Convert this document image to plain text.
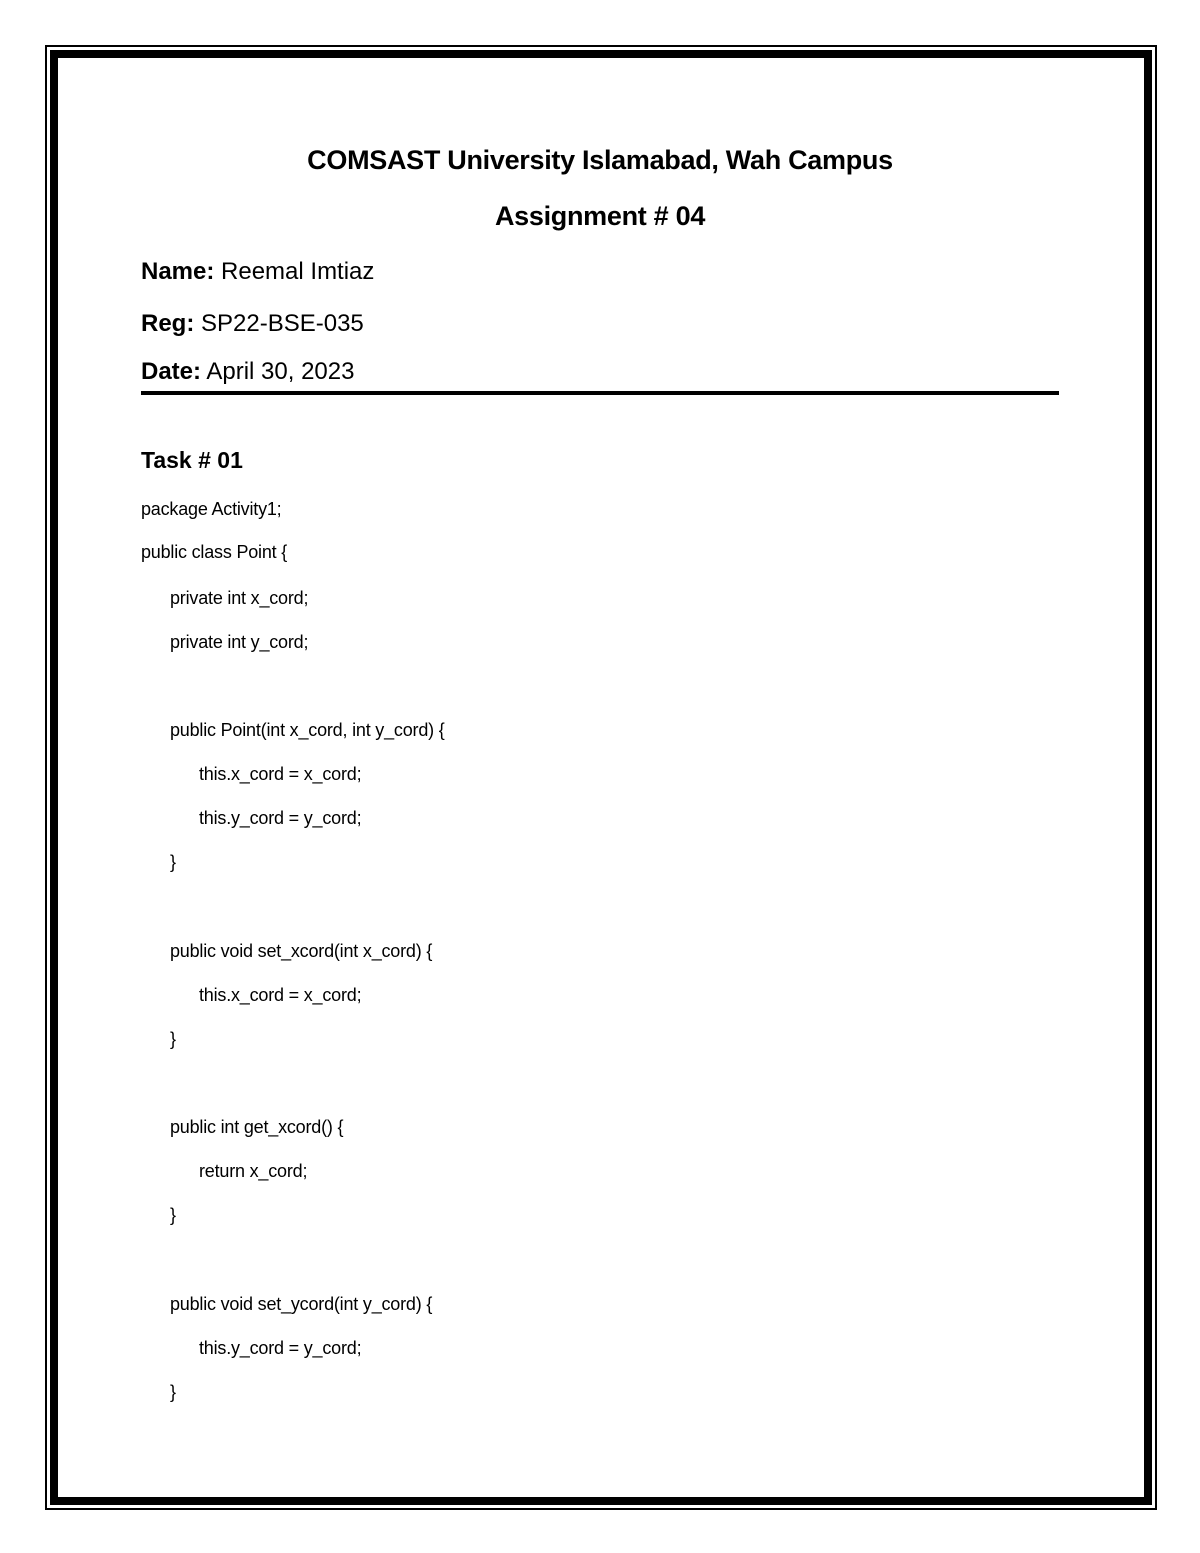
COMSAST University Islamabad, Wah Campus
Assignment # 04
Name: Reemal Imtiaz
Reg: SP22-BSE-035
Date: April 30, 2023
Task # 01
package Activity1;
public class Point {
private int x_cord;
private int y_cord;
public Point(int x_cord, int y_cord) {
this.x_cord = x_cord;
this.y_cord = y_cord;
}
public void set_xcord(int x_cord) {
this.x_cord = x_cord;
}
public int get_xcord() {
return x_cord;
}
public void set_ycord(int y_cord) {
this.y_cord = y_cord;
}
